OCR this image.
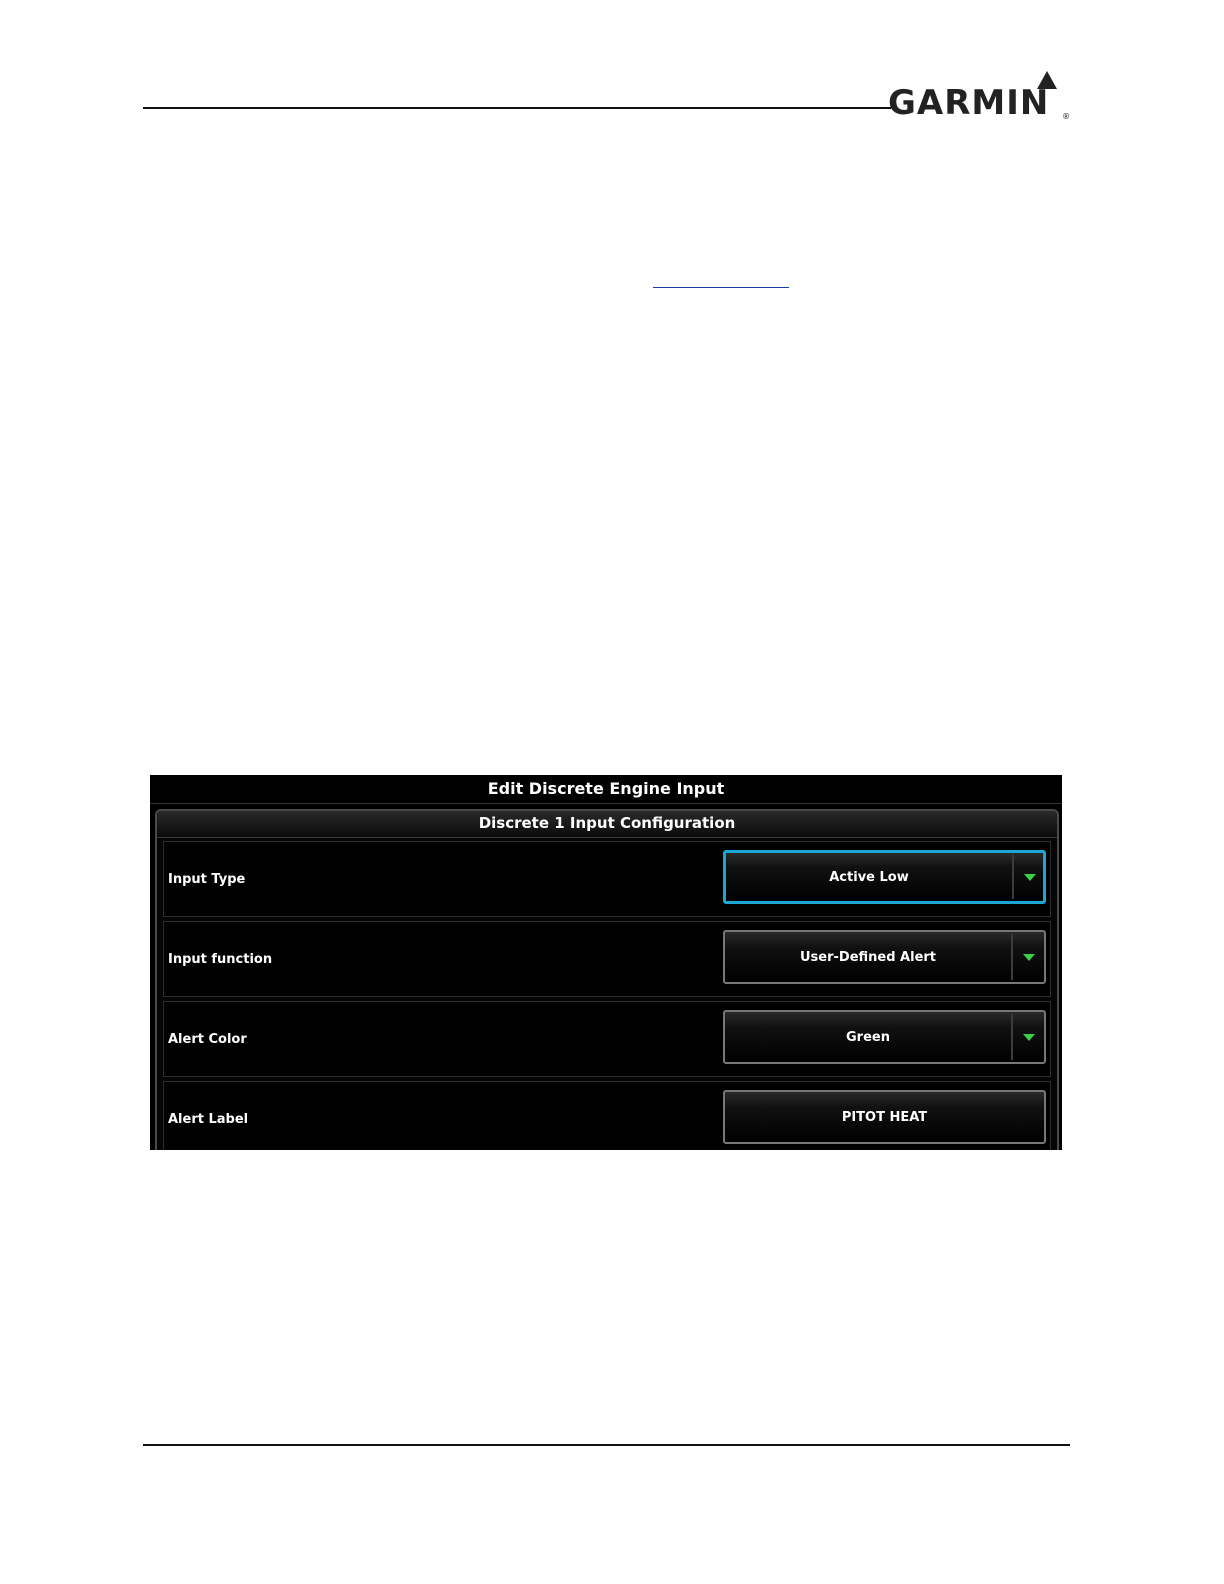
GARMIN ®
Edit Discrete Engine Input
Discrete 1 Input Configuration
Input Type	Active Low
Input function	User-Defined Alert
Alert Color	Green
Alert Label	PITOT HEAT
